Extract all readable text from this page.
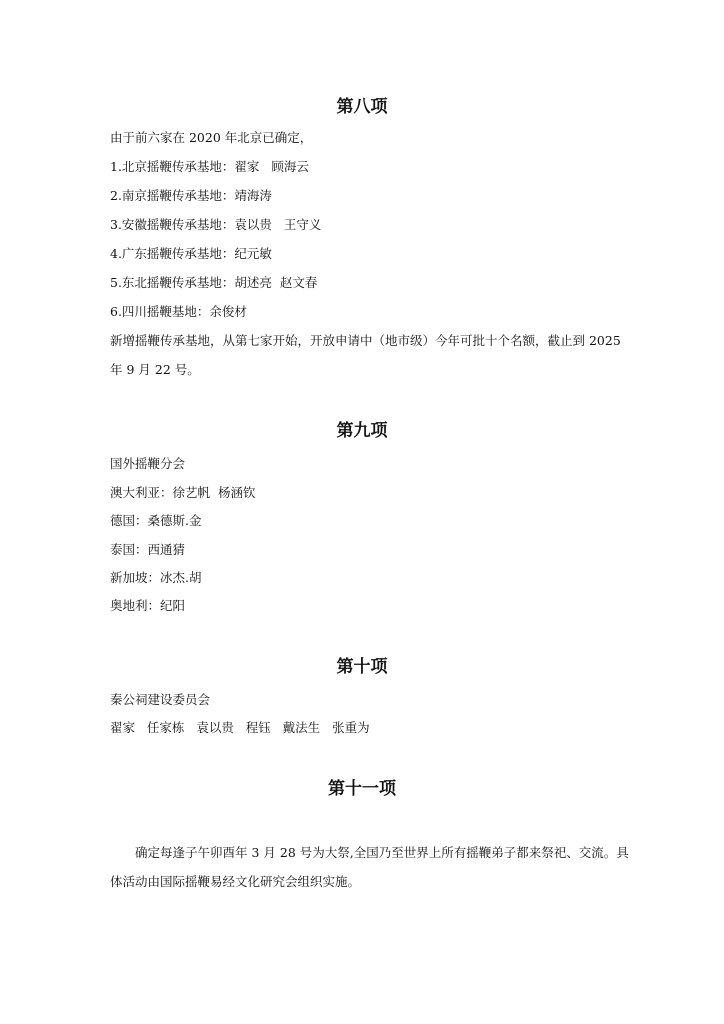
第八项

由于前六家在 2020 年北京已确定，

1.北京摇鞭传承基地：翟家   顾海云

2.南京摇鞭传承基地：靖海涛

3.安徽摇鞭传承基地：袁以贵   王守义

4.广东摇鞭传承基地：纪元敏

5.东北摇鞭传承基地：胡述亮  赵文春

6.四川摇鞭基地：余俊材

新增摇鞭传承基地，从第七家开始，开放申请中（地市级）今年可批十个名额，截止到 2025 年 9 月 22 号。

第九项

国外摇鞭分会

澳大利亚：徐艺帆  杨涵钦

德国：桑德斯.金

泰国：西通猜

新加坡：冰杰.胡

奥地利：纪阳

第十项

秦公祠建设委员会

翟家   任家栋   袁以贵   程钰   戴法生   张重为

第十一项

确定每逢子午卯酉年 3 月 28 号为大祭,全国乃至世界上所有摇鞭弟子都来祭祀、交流。具体活动由国际摇鞭易经文化研究会组织实施。
